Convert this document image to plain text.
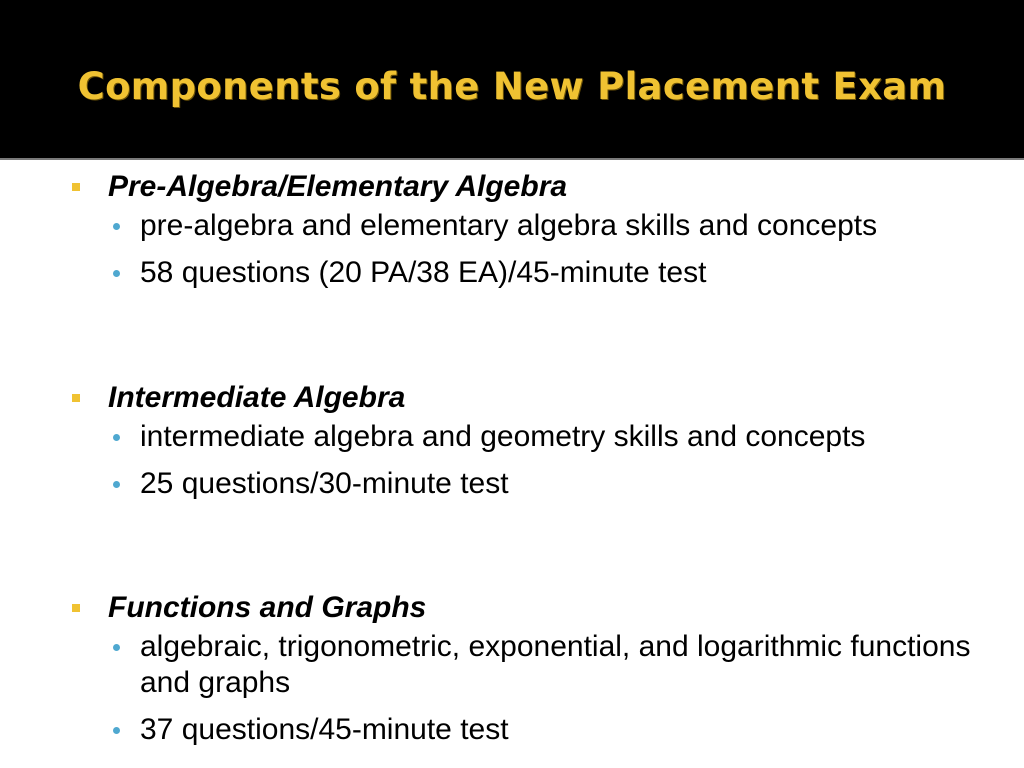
Components of the New Placement Exam
Pre-Algebra/Elementary Algebra
pre-algebra and elementary algebra skills and concepts
58 questions (20 PA/38 EA)/45-minute test
Intermediate Algebra
intermediate algebra and geometry skills and concepts
25 questions/30-minute test
Functions and Graphs
algebraic, trigonometric, exponential, and logarithmic functions and graphs
37 questions/45-minute test
